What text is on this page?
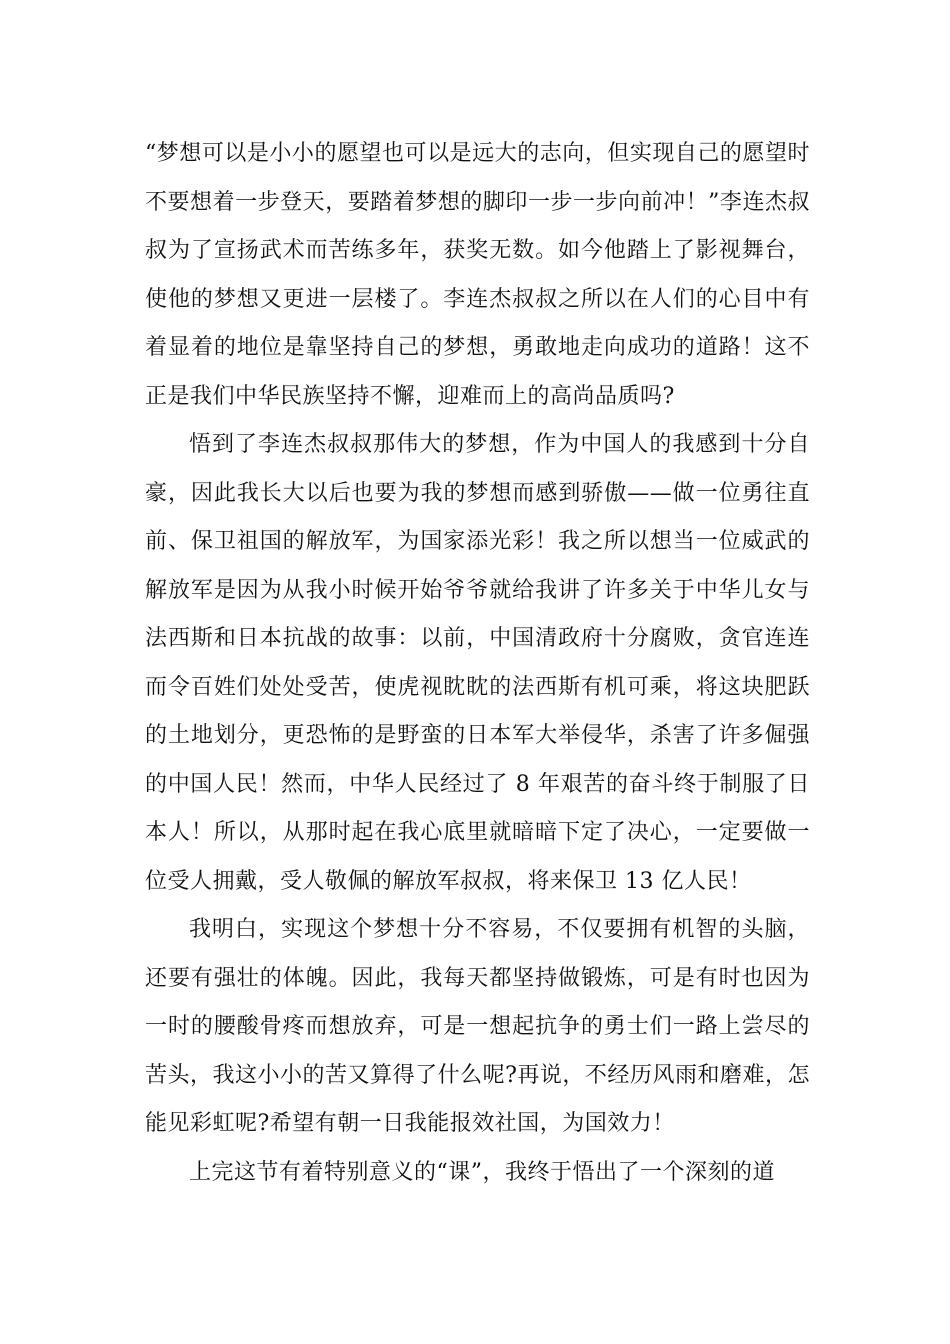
“梦想可以是小小的愿望也可以是远大的志向，但实现自己的愿望时不要想着一步登天，要踏着梦想的脚印一步一步向前冲！”李连杰叔叔为了宣扬武术而苦练多年，获奖无数。如今他踏上了影视舞台，使他的梦想又更进一层楼了。李连杰叔叔之所以在人们的心目中有着显着的地位是靠坚持自己的梦想，勇敢地走向成功的道路！这不正是我们中华民族坚持不懈，迎难而上的高尚品质吗?

悟到了李连杰叔叔那伟大的梦想，作为中国人的我感到十分自豪，因此我长大以后也要为我的梦想而感到骄傲——做一位勇往直前、保卫祖国的解放军，为国家添光彩！我之所以想当一位威武的解放军是因为从我小时候开始爷爷就给我讲了许多关于中华儿女与法西斯和日本抗战的故事：以前，中国清政府十分腐败，贪官连连而令百姓们处处受苦，使虎视眈眈的法西斯有机可乘，将这块肥跃的土地划分，更恐怖的是野蛮的日本军大举侵华，杀害了许多倔强的中国人民！然而，中华人民经过了 8 年艰苦的奋斗终于制服了日本人！所以，从那时起在我心底里就暗暗下定了决心，一定要做一位受人拥戴，受人敬佩的解放军叔叔，将来保卫 13 亿人民！

我明白，实现这个梦想十分不容易，不仅要拥有机智的头脑，还要有强壮的体魄。因此，我每天都坚持做锻炼，可是有时也因为一时的腰酸骨疼而想放弃，可是一想起抗争的勇士们一路上尝尽的苦头，我这小小的苦又算得了什么呢?再说，不经历风雨和磨难，怎能见彩虹呢?希望有朝一日我能报效社国，为国效力！

上完这节有着特别意义的“课”，我终于悟出了一个深刻的道
